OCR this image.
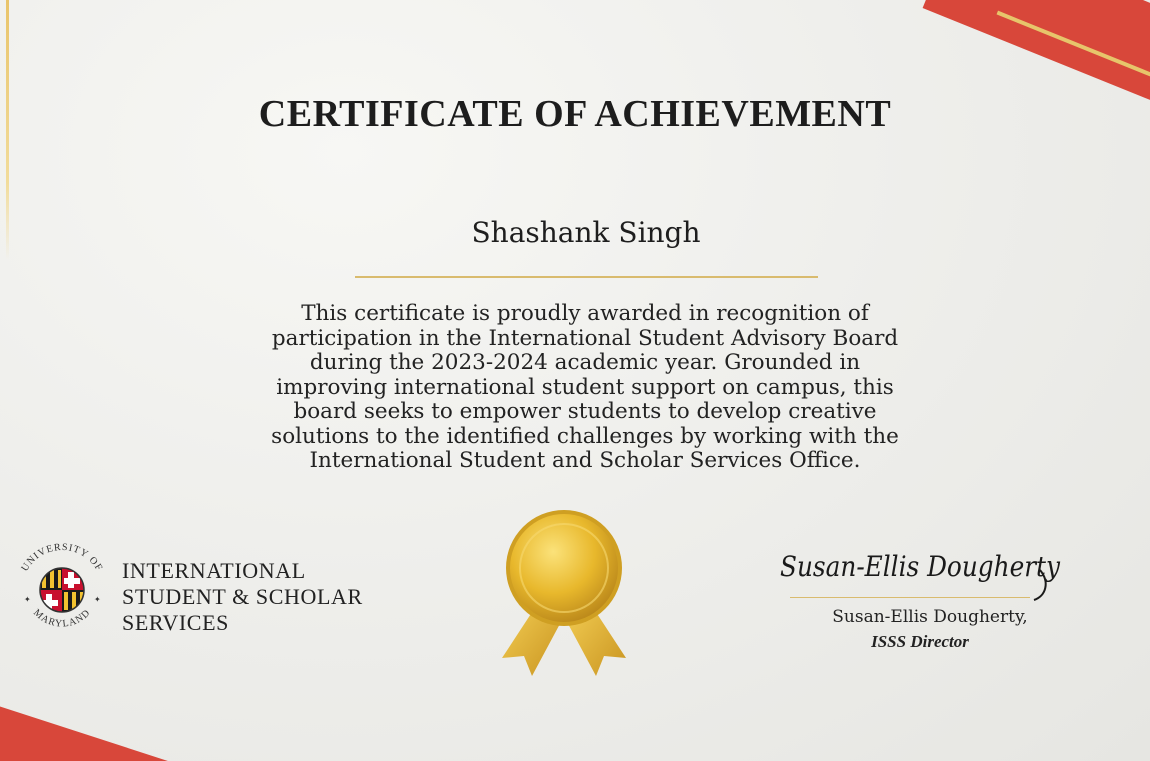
CERTIFICATE OF ACHIEVEMENT
Shashank Singh
This certificate is proudly awarded in recognition of
participation in the International Student Advisory Board
during the 2023-2024 academic year. Grounded in
improving international student support on campus, this
board seeks to empower students to develop creative
solutions to the identified challenges by working with the
International Student and Scholar Services Office.
UNIVERSITY OF
MARYLAND
✦	✦
INTERNATIONAL
STUDENT & SCHOLAR
SERVICES
Susan-Ellis Dougherty
Susan-Ellis Dougherty,
ISSS Director
